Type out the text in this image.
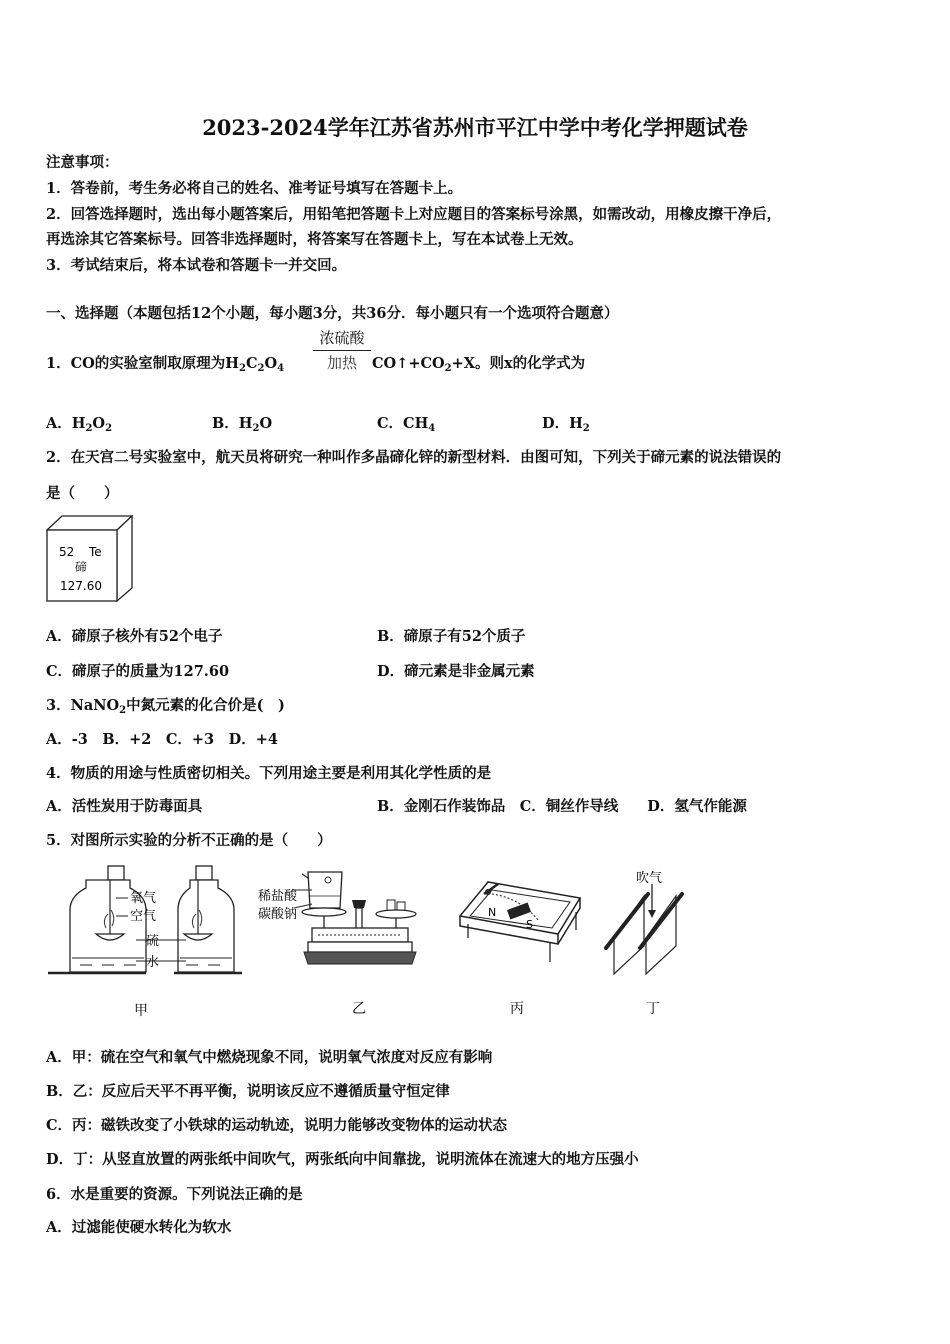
2023-2024学年江苏省苏州市平江中学中考化学押题试卷
注意事项：
1．答卷前，考生务必将自己的姓名、准考证号填写在答题卡上。
2．回答选择题时，选出每小题答案后，用铅笔把答题卡上对应题目的答案标号涂黑，如需改动，用橡皮擦干净后，
再选涂其它答案标号。回答非选择题时，将答案写在答题卡上，写在本试卷上无效。
3．考试结束后，将本试卷和答题卡一并交回。
一、选择题（本题包括12个小题，每小题3分，共36分．每小题只有一个选项符合题意）
1．CO的实验室制取原理为$H_2C_2O_4$
浓硫酸
加热	$CO↑+CO_2+X$。则x的化学式为
A．$H_2O_2$	B．$H_2O$	C．$CH_4$	D．$H_2$
2．在天宫二号实验室中，航天员将研究一种叫作多晶碲化锌的新型材料．由图可知，下列关于碲元素的说法错误的
是（　　）
52 Te
碲
127.60
A．碲原子核外有52个电子	B．碲原子有52个质子
C．碲原子的质量为127.60	D．碲元素是非金属元素
3．NaNO$_2$中氮元素的化合价是(　)
A．-3　B．+2　C．+3　D．+4
4．物质的用途与性质密切相关。下列用途主要是利用其化学性质的是
A．活性炭用于防毒面具	B．金刚石作装饰品　C．铜丝作导线　　D．氢气作能源
5．对图所示实验的分析不正确的是（　　）
氧气
空气
硫
水
甲
稀盐酸
碳酸钠
乙
N
S
丙
吹气
丁
A．甲：硫在空气和氧气中燃烧现象不同，说明氧气浓度对反应有影响
B．乙：反应后天平不再平衡，说明该反应不遵循质量守恒定律
C．丙：磁铁改变了小铁球的运动轨迹，说明力能够改变物体的运动状态
D．丁：从竖直放置的两张纸中间吹气，两张纸向中间靠拢，说明流体在流速大的地方压强小
6．水是重要的资源。下列说法正确的是
A．过滤能使硬水转化为软水
